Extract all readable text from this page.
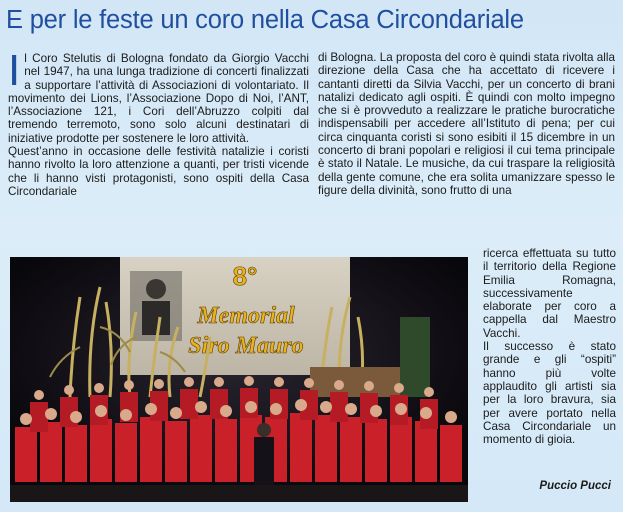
E per le feste un coro nella Casa Circondariale
I l Coro Stelutis di Bologna fondato da Giorgio Vacchi nel 1947, ha una lunga tradizione di concerti finalizzati a supportare l’attività di Associazioni di volontariato. Il movimento dei Lions, l’Associazione Dopo di Noi, l’ANT, l’Associazione 121, i Cori dell’Abruzzo colpiti dal tremendo terremoto, sono solo alcuni destinatari di iniziative prodotte per sostenere le loro attività.

Quest’anno in occasione delle festività natalizie i coristi hanno rivolto la loro attenzione a quanti, per tristi vicende che li hanno visti protagonisti, sono ospiti della Casa Circondariale

di Bologna. La proposta del coro è quindi stata rivolta alla direzione della Casa che ha accettato di ricevere i cantanti diretti da Silvia Vacchi, per un concerto di brani natalizi dedicato agli ospiti. È quindi con molto impegno che si è provveduto a realizzare le pratiche burocratiche indispensabili per accedere all’Istituto di pena; per cui circa cinquanta coristi si sono esibiti il 15 dicembre in un concerto di brani popolari e religiosi il cui tema principale è stato il Natale. Le musiche, da cui traspare la religiosità della gente comune, che era solita umanizzare spesso le figure della divinità, sono frutto di una

ricerca effettuata su tutto il territorio della Regione Emilia Romagna, successivamente elaborate per coro a cappella dal Maestro Vacchi.

Il successo è stato grande e gli “ospiti” hanno più volte applaudito gli artisti sia per la loro bravura, sia per avere portato nella Casa Circondariale un momento di gioia.

Puccio Pucci
8°
Memorial
Siro Mauro
